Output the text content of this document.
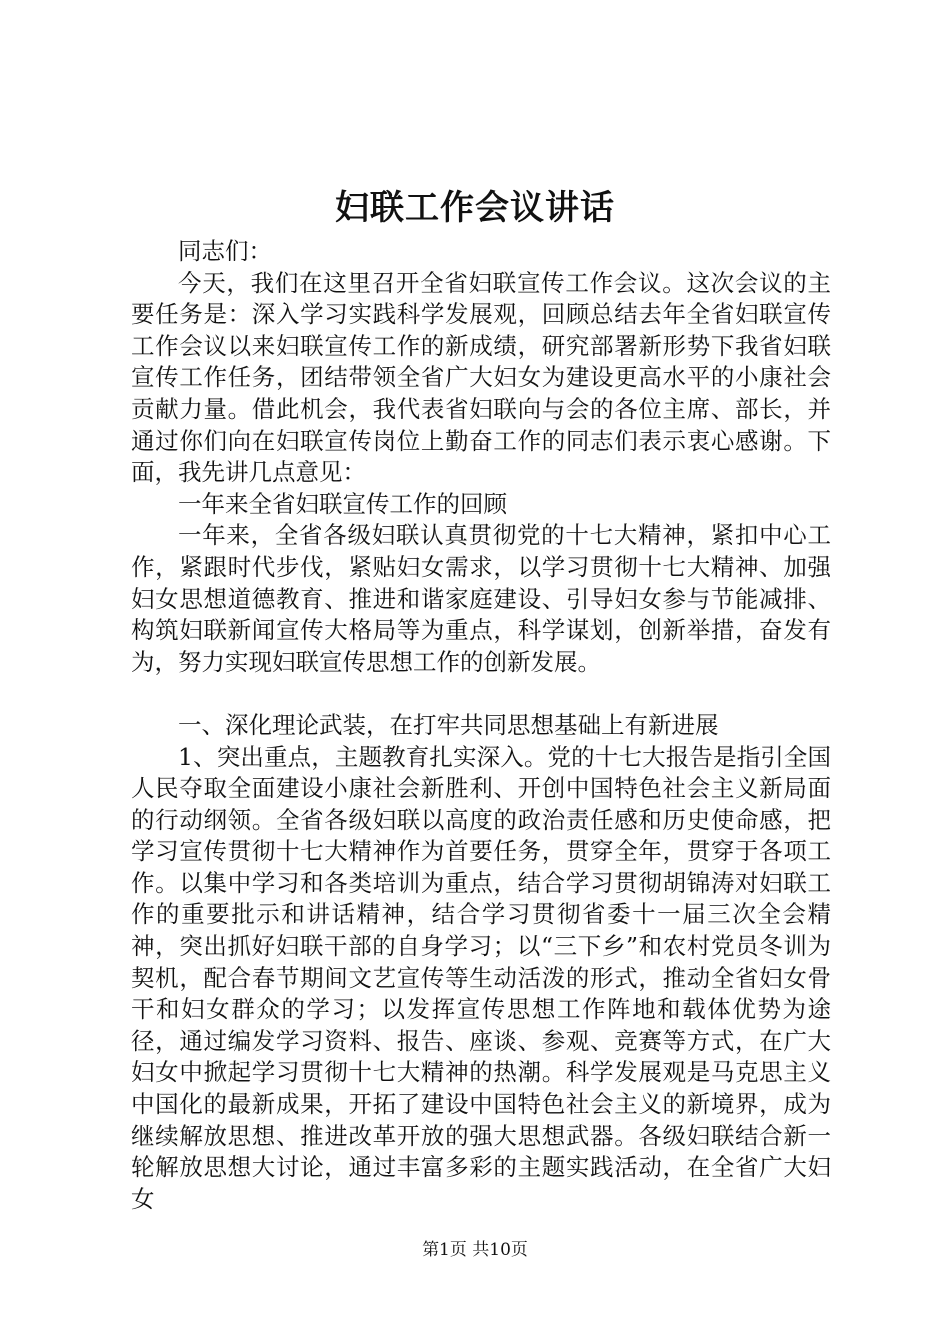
妇联工作会议讲话

同志们：

今天，我们在这里召开全省妇联宣传工作会议。这次会议的主要任务是：深入学习实践科学发展观，回顾总结去年全省妇联宣传工作会议以来妇联宣传工作的新成绩，研究部署新形势下我省妇联宣传工作任务，团结带领全省广大妇女为建设更高水平的小康社会贡献力量。借此机会，我代表省妇联向与会的各位主席、部长，并通过你们向在妇联宣传岗位上勤奋工作的同志们表示衷心感谢。下面，我先讲几点意见：

一年来全省妇联宣传工作的回顾

一年来，全省各级妇联认真贯彻党的十七大精神，紧扣中心工作，紧跟时代步伐，紧贴妇女需求，以学习贯彻十七大精神、加强妇女思想道德教育、推进和谐家庭建设、引导妇女参与节能减排、构筑妇联新闻宣传大格局等为重点，科学谋划，创新举措，奋发有为，努力实现妇联宣传思想工作的创新发展。

一、深化理论武装，在打牢共同思想基础上有新进展

1、突出重点，主题教育扎实深入。党的十七大报告是指引全国人民夺取全面建设小康社会新胜利、开创中国特色社会主义新局面的行动纲领。全省各级妇联以高度的政治责任感和历史使命感，把学习宣传贯彻十七大精神作为首要任务，贯穿全年，贯穿于各项工作。以集中学习和各类培训为重点，结合学习贯彻胡锦涛对妇联工作的重要批示和讲话精神，结合学习贯彻省委十一届三次全会精神，突出抓好妇联干部的自身学习；以“三下乡”和农村党员冬训为契机，配合春节期间文艺宣传等生动活泼的形式，推动全省妇女骨干和妇女群众的学习；以发挥宣传思想工作阵地和载体优势为途径，通过编发学习资料、报告、座谈、参观、竞赛等方式，在广大妇女中掀起学习贯彻十七大精神的热潮。科学发展观是马克思主义中国化的最新成果，开拓了建设中国特色社会主义的新境界，成为继续解放思想、推进改革开放的强大思想武器。各级妇联结合新一轮解放思想大讨论，通过丰富多彩的主题实践活动，在全省广大妇女

第1页 共10页
